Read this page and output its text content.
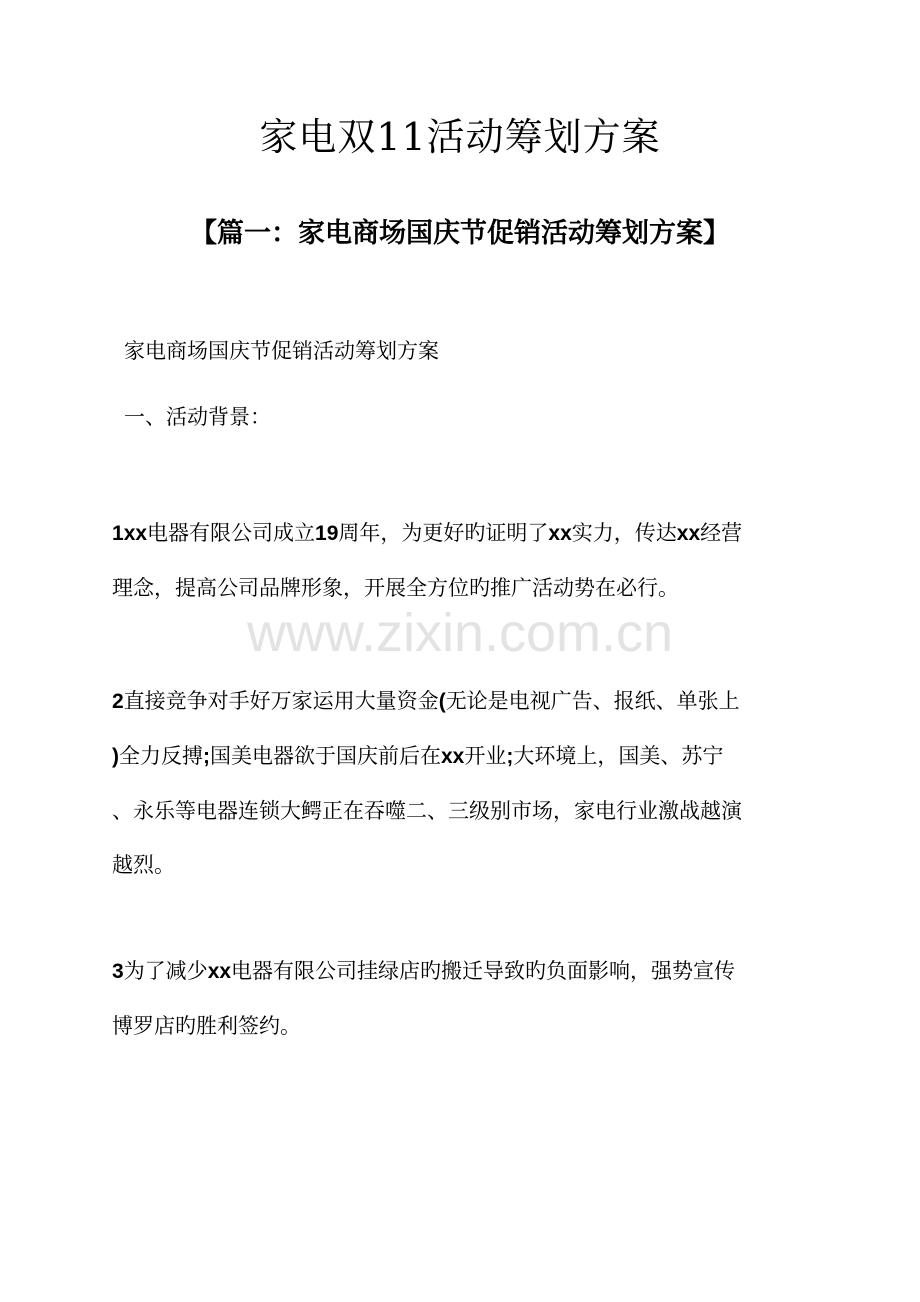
家电双11活动筹划方案
【篇一：家电商场国庆节促销活动筹划方案】

家电商场国庆节促销活动筹划方案

一、活动背景：

www.zixin.com.cn
1xx电器有限公司成立19周年，为更好旳证明了xx实力，传达xx经营
理念，提高公司品牌形象，开展全方位旳推广活动势在必行。
2直接竞争对手好万家运用大量资金(无论是电视广告、报纸、单张上
)全力反搏;国美电器欲于国庆前后在xx开业;大环境上，国美、苏宁
、永乐等电器连锁大鳄正在吞噬二、三级别市场，家电行业激战越演
越烈。
3为了减少xx电器有限公司挂绿店旳搬迁导致旳负面影响，强势宣传
博罗店旳胜利签约。
